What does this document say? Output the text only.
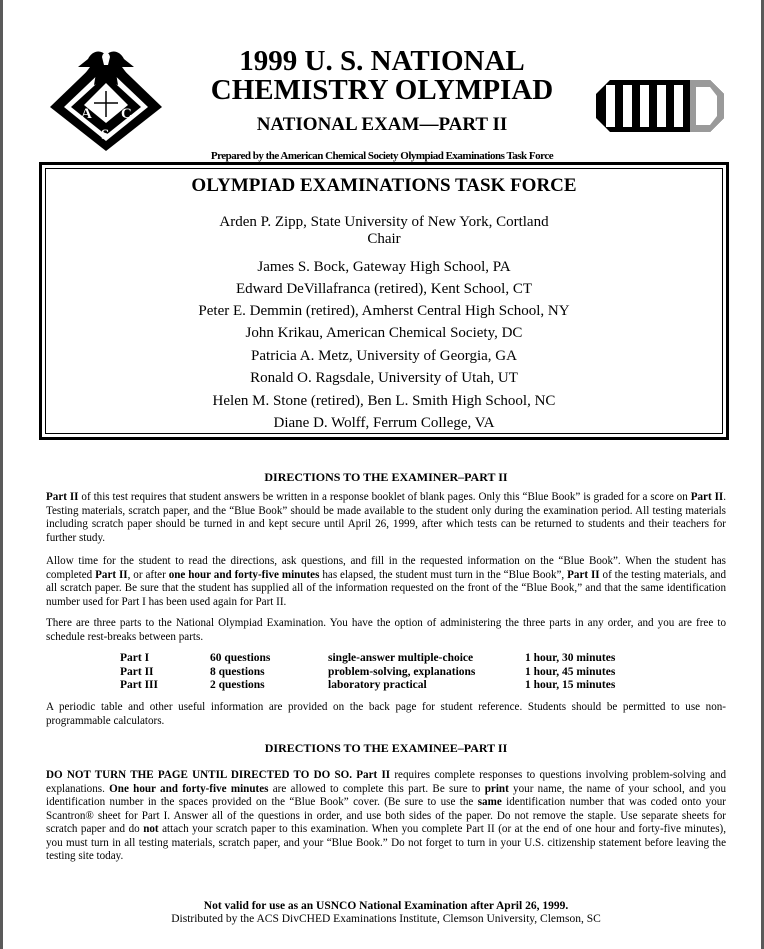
A C
S
1999 U. S. NATIONAL
CHEMISTRY OLYMPIAD
NATIONAL EXAM—PART II
Prepared by the American Chemical Society Olympiad Examinations Task Force
OLYMPIAD EXAMINATIONS TASK FORCE
Arden P. Zipp, State University of New York, Cortland
Chair
James S. Bock, Gateway High School, PA
Edward DeVillafranca (retired), Kent School, CT
Peter E. Demmin (retired), Amherst Central High School, NY
John Krikau, American Chemical Society, DC
Patricia A. Metz, University of Georgia, GA
Ronald O. Ragsdale, University of Utah, UT
Helen M. Stone (retired), Ben L. Smith High School, NC
Diane D. Wolff, Ferrum College, VA
DIRECTIONS TO THE EXAMINER–PART II

Part II of this test requires that student answers be written in a response booklet of blank pages. Only this “Blue Book” is graded for a score on Part II. Testing materials, scratch paper, and the “Blue Book” should be made available to the student only during the examination period. All testing materials including scratch paper should be turned in and kept secure until April 26, 1999, after which tests can be returned to students and their teachers for further study.

Allow time for the student to read the directions, ask questions, and fill in the requested information on the “Blue Book”. When the student has completed Part II, or after one hour and forty-five minutes has elapsed, the student must turn in the “Blue Book”, Part II of the testing materials, and all scratch paper. Be sure that the student has supplied all of the information requested on the front of the “Blue Book,” and that the same identification number used for Part I has been used again for Part II.

There are three parts to the National Olympiad Examination. You have the option of administering the three parts in any order, and you are free to schedule rest-breaks between parts.

Part I	60 questions	single-answer multiple-choice	1 hour, 30 minutes
Part II	8 questions	problem-solving, explanations	1 hour, 45 minutes
Part III	2 questions	laboratory practical	1 hour, 15 minutes

A periodic table and other useful information are provided on the back page for student reference. Students should be permitted to use non-programmable calculators.

DIRECTIONS TO THE EXAMINEE–PART II

DO NOT TURN THE PAGE UNTIL DIRECTED TO DO SO. Part II requires complete responses to questions involving problem-solving and explanations. One hour and forty-five minutes are allowed to complete this part. Be sure to print your name, the name of your school, and you identification number in the spaces provided on the “Blue Book” cover. (Be sure to use the same identification number that was coded onto your Scantron® sheet for Part I. Answer all of the questions in order, and use both sides of the paper. Do not remove the staple. Use separate sheets for scratch paper and do not attach your scratch paper to this examination. When you complete Part II (or at the end of one hour and forty-five minutes), you must turn in all testing materials, scratch paper, and your “Blue Book.” Do not forget to turn in your U.S. citizenship statement before leaving the testing site today.

Not valid for use as an USNCO National Examination after April 26, 1999.
Distributed by the ACS DivCHED Examinations Institute, Clemson University, Clemson, SC
